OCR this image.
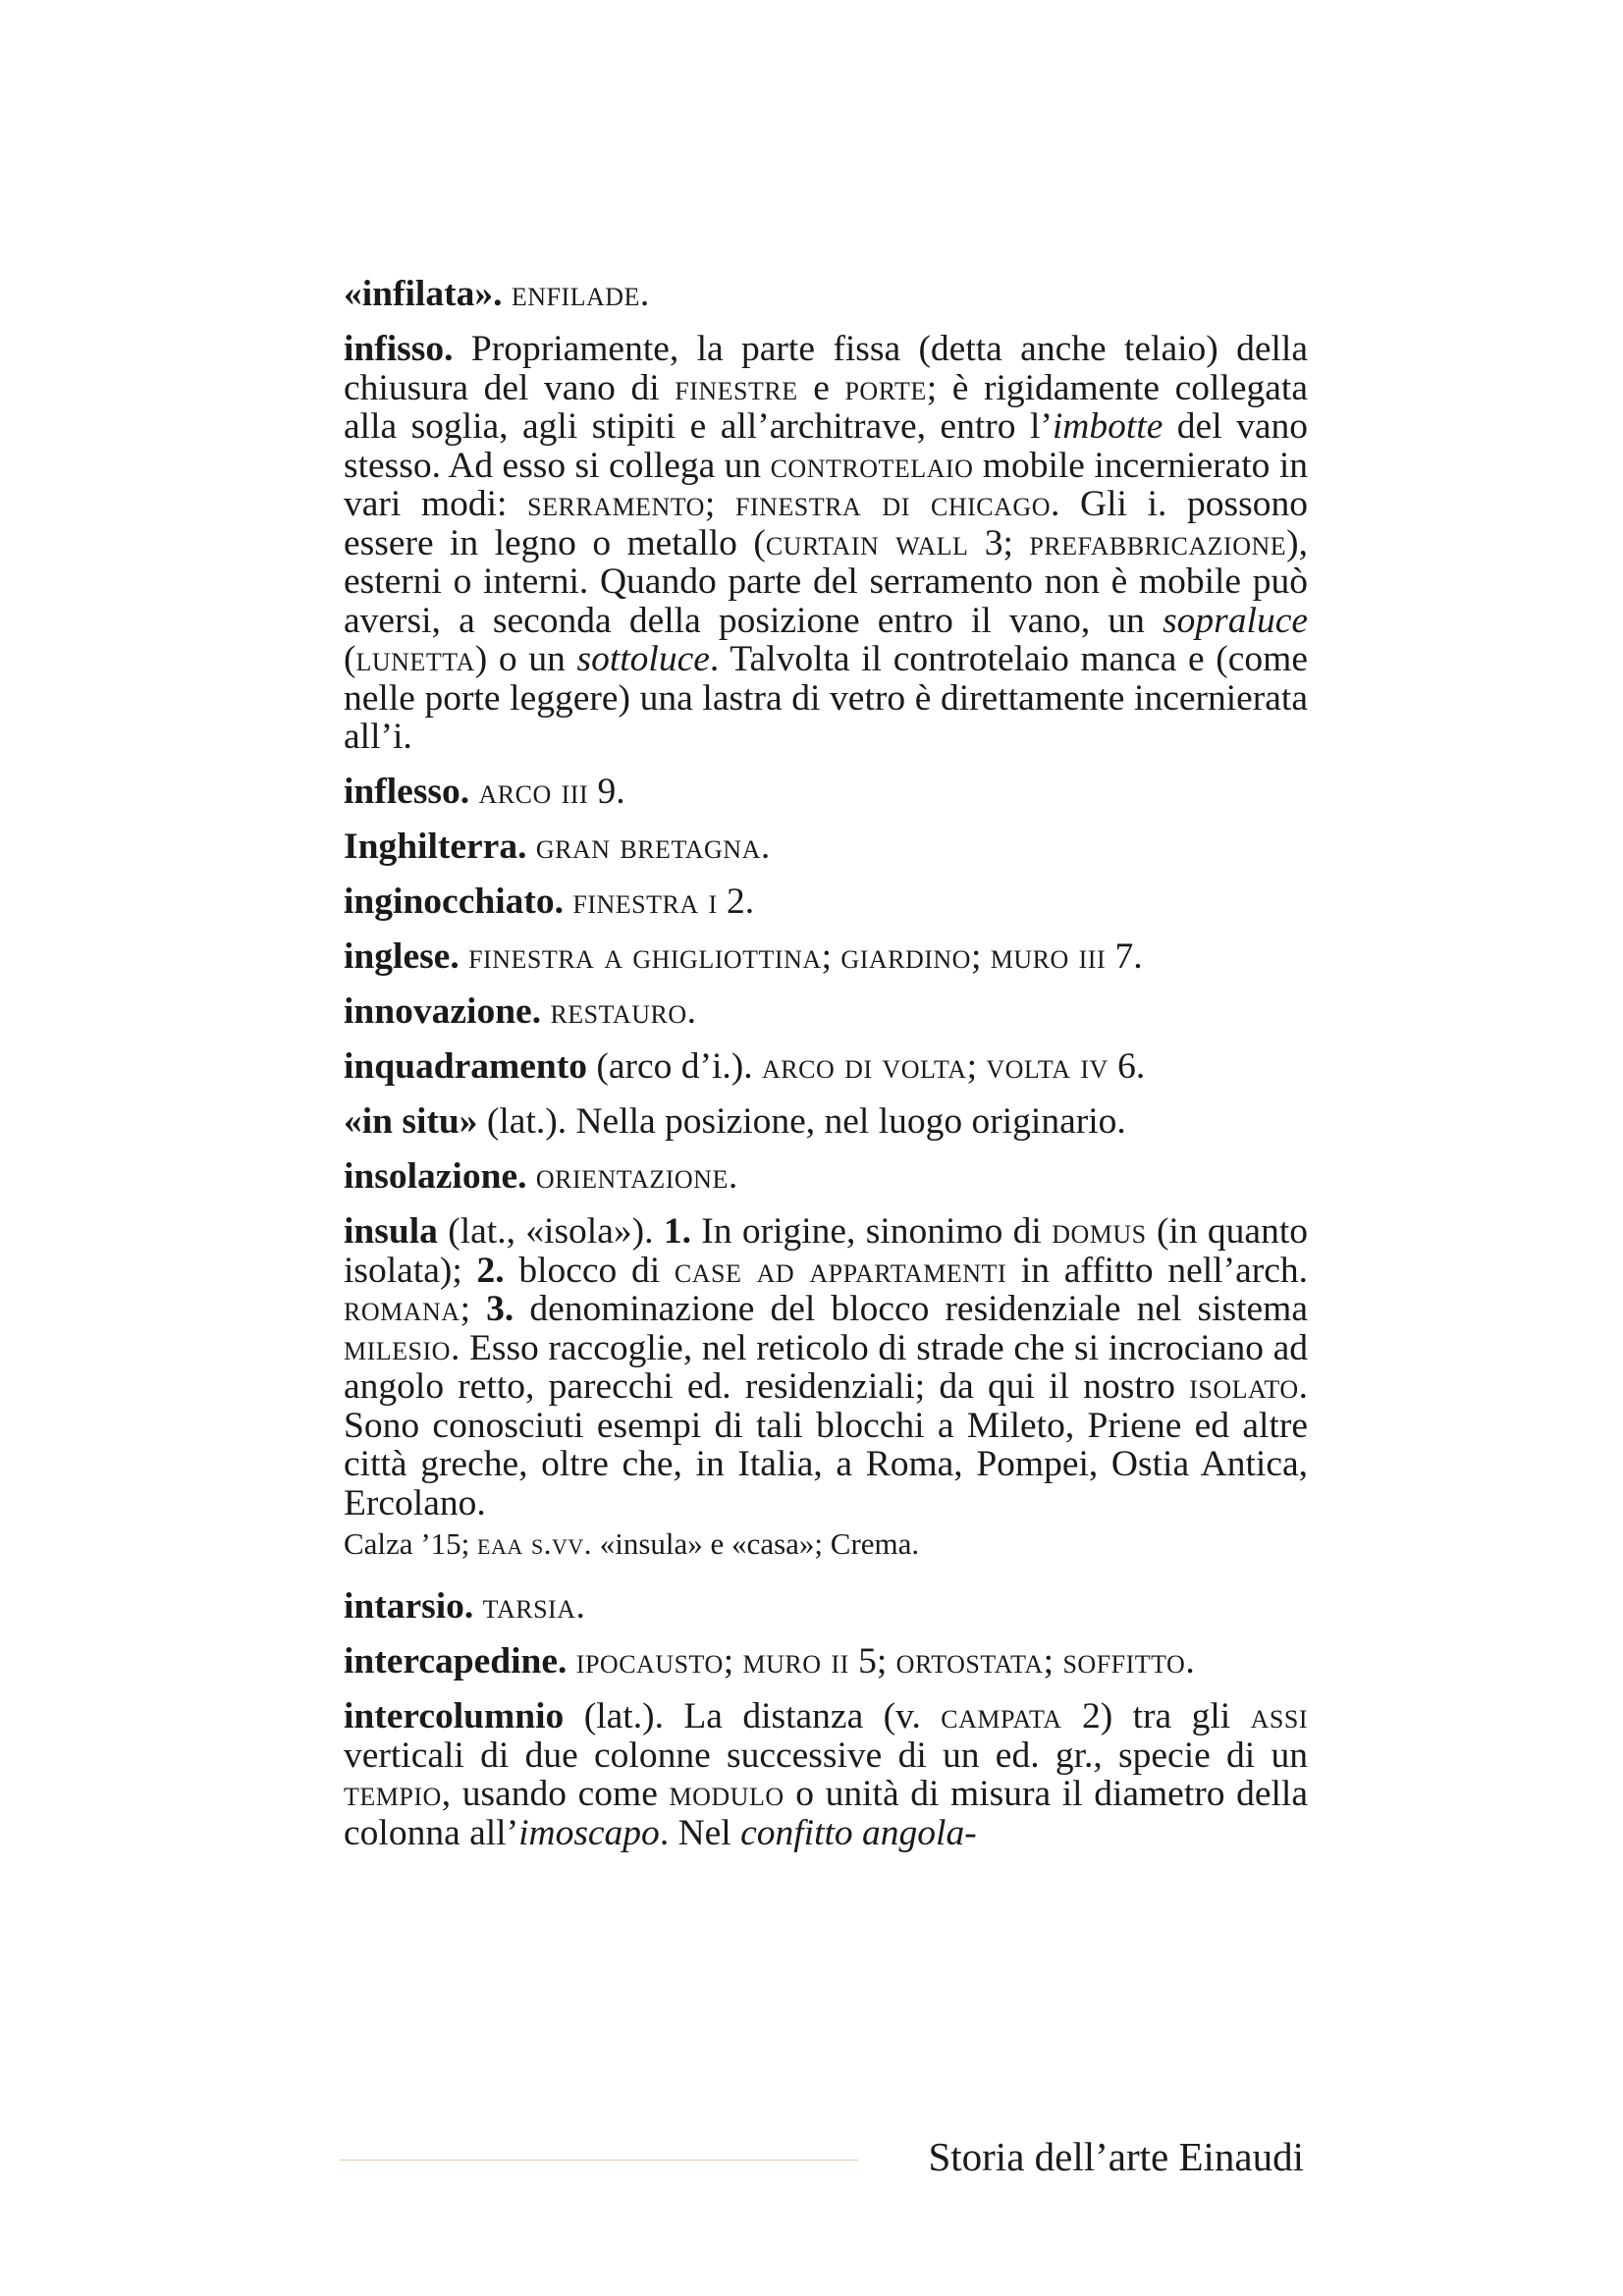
«infilata». enfilade.

infisso. Propriamente, la parte fissa (detta anche telaio) della chiusura del vano di finestre e porte; è rigidamente collegata alla soglia, agli stipiti e all’architrave, entro l’imbotte del vano stesso. Ad esso si collega un controtelaio mobile incernierato in vari modi: serramento; finestra di chicago. Gli i. possono essere in legno o metallo (curtain wall 3; prefabbricazione), esterni o interni. Quando parte del serramento non è mobile può aversi, a seconda della posizione entro il vano, un sopraluce (lunetta) o un sottoluce. Talvolta il controtelaio manca e (come nelle porte leggere) una lastra di vetro è direttamente incernierata all’i.

inflesso. arco iii 9.

Inghilterra. gran bretagna.

inginocchiato. finestra i 2.

inglese. finestra a ghigliottina; giardino; muro iii 7.

innovazione. restauro.

inquadramento (arco d’i.). arco di volta; volta iv 6.

«in situ» (lat.). Nella posizione, nel luogo originario.

insolazione. orientazione.

insula (lat., «isola»). 1. In origine, sinonimo di domus (in quanto isolata); 2. blocco di case ad appartamenti in affitto nell’arch. romana; 3. denominazione del blocco residenziale nel sistema milesio. Esso raccoglie, nel reticolo di strade che si incrociano ad angolo retto, parecchi ed. residenziali; da qui il nostro isolato. Sono conosciuti esempi di tali blocchi a Mileto, Priene ed altre città greche, oltre che, in Italia, a Roma, Pompei, Ostia Antica, Ercolano.

Calza ’15; eaa s.vv. «insula» e «casa»; Crema.

intarsio. tarsia.

intercapedine. ipocausto; muro ii 5; ortostata; soffitto.

intercolumnio (lat.). La distanza (v. campata 2) tra gli assi verticali di due colonne successive di un ed. gr., specie di un tempio, usando come modulo o unità di misura il diametro della colonna all’imoscapo. Nel confitto angola-

Storia dell’arte Einaudi
